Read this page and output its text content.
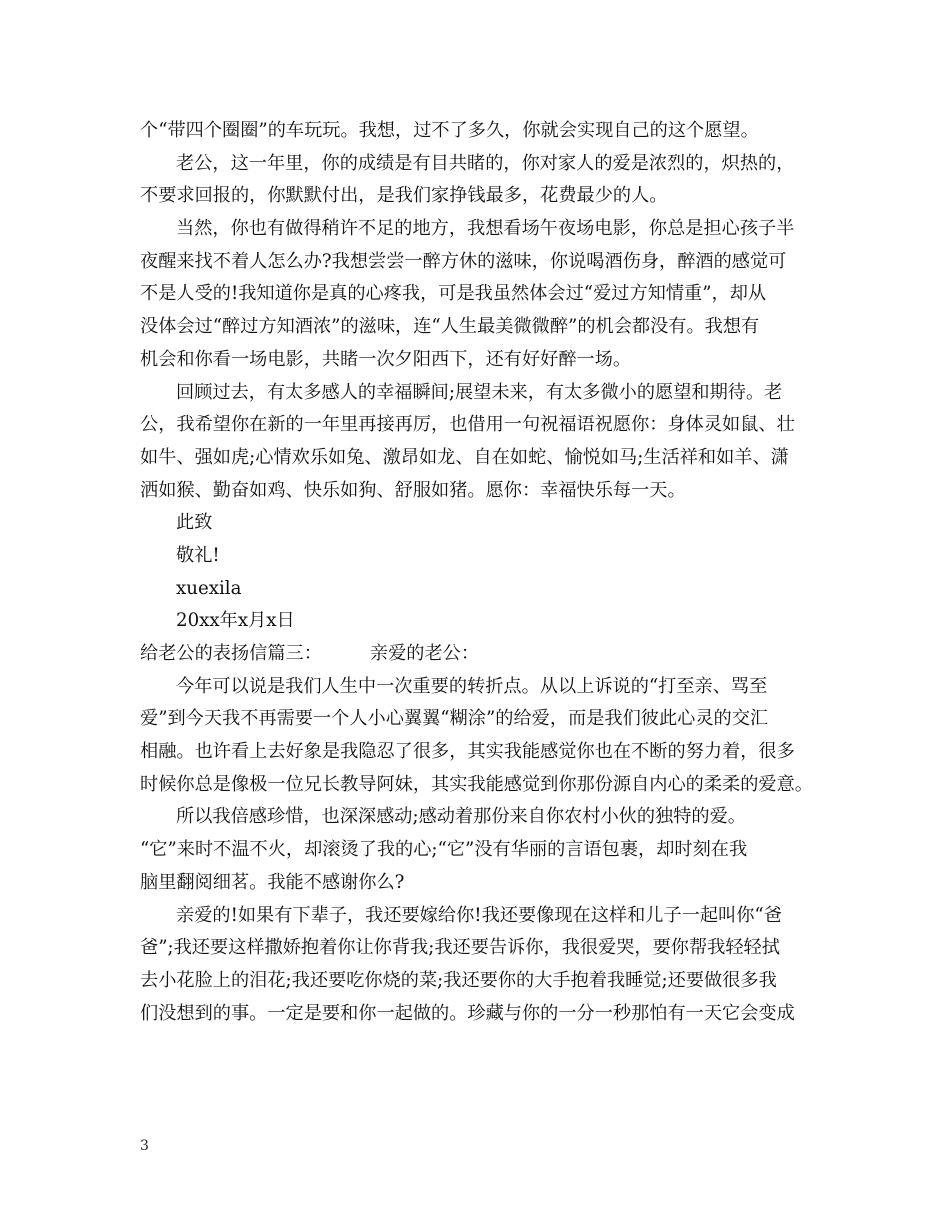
个“带四个圈圈”的车玩玩。我想，过不了多久，你就会实现自己的这个愿望。
老公，这一年里，你的成绩是有目共睹的，你对家人的爱是浓烈的，炽热的，
不要求回报的，你默默付出，是我们家挣钱最多，花费最少的人。
当然，你也有做得稍许不足的地方，我想看场午夜场电影，你总是担心孩子半
夜醒来找不着人怎么办?我想尝尝一醉方休的滋味，你说喝酒伤身，醉酒的感觉可
不是人受的!我知道你是真的心疼我，可是我虽然体会过“爱过方知情重”，却从
没体会过“醉过方知酒浓”的滋味，连“人生最美微微醉”的机会都没有。我想有
机会和你看一场电影，共睹一次夕阳西下，还有好好醉一场。
回顾过去，有太多感人的幸福瞬间;展望未来，有太多微小的愿望和期待。老
公，我希望你在新的一年里再接再厉，也借用一句祝福语祝愿你：身体灵如鼠、壮
如牛、强如虎;心情欢乐如兔、激昂如龙、自在如蛇、愉悦如马;生活祥和如羊、潇
洒如猴、勤奋如鸡、快乐如狗、舒服如猪。愿你：幸福快乐每一天。
此致
敬礼!
xuexila
20xx年x月x日
给老公的表扬信篇三：	亲爱的老公：
今年可以说是我们人生中一次重要的转折点。从以上诉说的“打至亲、骂至
爱”到今天我不再需要一个人小心翼翼“糊涂”的给爱，而是我们彼此心灵的交汇
相融。也许看上去好象是我隐忍了很多，其实我能感觉你也在不断的努力着，很多
时候你总是像极一位兄长教导阿妹，其实我能感觉到你那份源自内心的柔柔的爱意。
所以我倍感珍惜，也深深感动;感动着那份来自你农村小伙的独特的爱。
“它”来时不温不火，却滚烫了我的心;“它”没有华丽的言语包裹，却时刻在我
脑里翻阅细茗。我能不感谢你么?
亲爱的!如果有下辈子，我还要嫁给你!我还要像现在这样和儿子一起叫你“爸
爸”;我还要这样撒娇抱着你让你背我;我还要告诉你，我很爱哭，要你帮我轻轻拭
去小花脸上的泪花;我还要吃你烧的菜;我还要你的大手抱着我睡觉;还要做很多我
们没想到的事。一定是要和你一起做的。珍藏与你的一分一秒那怕有一天它会变成
3
